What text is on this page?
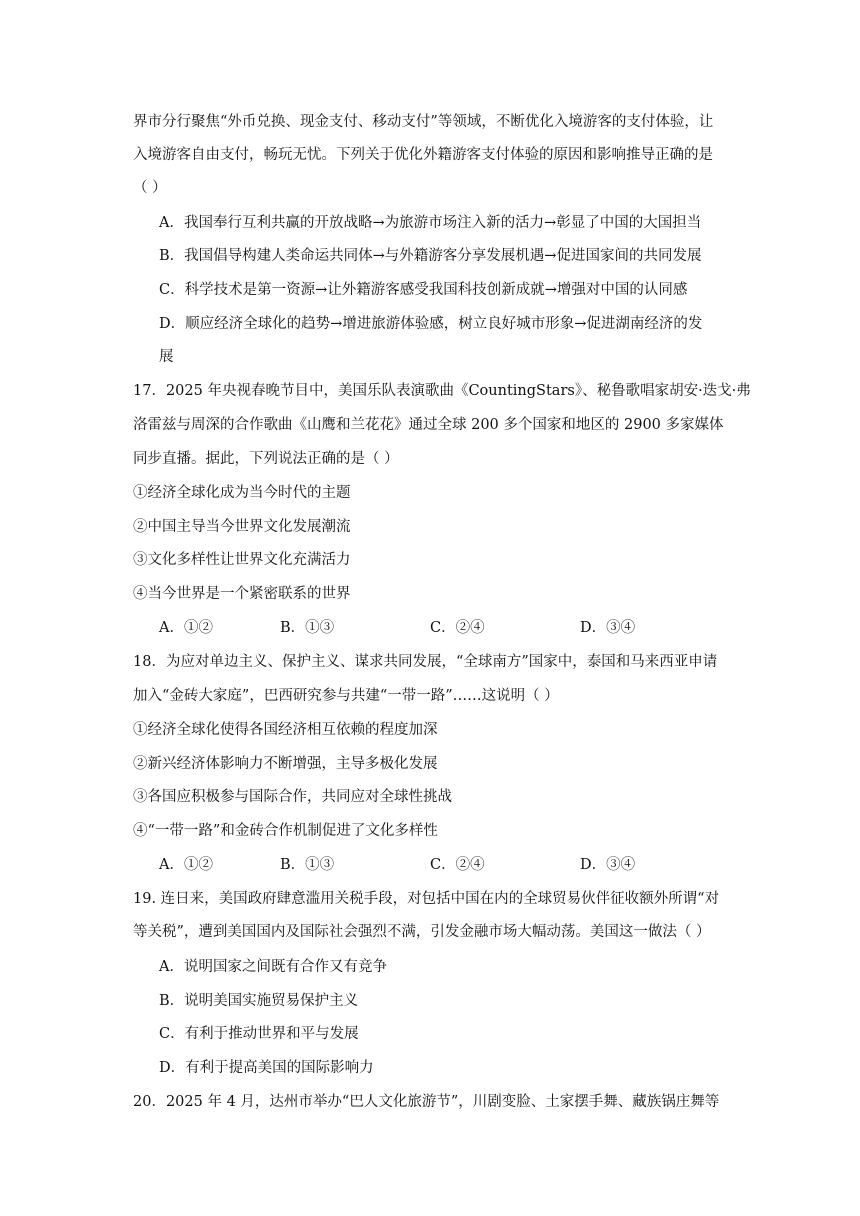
界市分行聚焦“外币兑换、现金支付、移动支付”等领域，不断优化入境游客的支付体验，让
入境游客自由支付，畅玩无忧。下列关于优化外籍游客支付体验的原因和影响推导正确的是
（ ）
A．我国奉行互利共赢的开放战略→为旅游市场注入新的活力→彰显了中国的大国担当
B．我国倡导构建人类命运共同体→与外籍游客分享发展机遇→促进国家间的共同发展
C．科学技术是第一资源→让外籍游客感受我国科技创新成就→增强对中国的认同感
D．顺应经济全球化的趋势→增进旅游体验感，树立良好城市形象→促进湖南经济的发
展
17．2025 年央视春晚节目中，美国乐队表演歌曲《CountingStars》、秘鲁歌唱家胡安·迭戈·弗
洛雷兹与周深的合作歌曲《山鹰和兰花花》通过全球 200 多个国家和地区的 2900 多家媒体
同步直播。据此，下列说法正确的是（ ）
①经济全球化成为当今时代的主题
②中国主导当今世界文化发展潮流
③文化多样性让世界文化充满活力
④当今世界是一个紧密联系的世界
A．①②	B．①③	C．②④	D．③④
18．为应对单边主义、保护主义、谋求共同发展，“全球南方”国家中，泰国和马来西亚申请
加入“金砖大家庭”，巴西研究参与共建“一带一路”……这说明（ ）
①经济全球化使得各国经济相互依赖的程度加深
②新兴经济体影响力不断增强，主导多极化发展
③各国应积极参与国际合作，共同应对全球性挑战
④“一带一路”和金砖合作机制促进了文化多样性
A．①②	B．①③	C．②④	D．③④
19. 连日来，美国政府肆意滥用关税手段，对包括中国在内的全球贸易伙伴征收额外所谓“对
等关税”，遭到美国国内及国际社会强烈不满，引发金融市场大幅动荡。美国这一做法（ ）
A．说明国家之间既有合作又有竞争
B．说明美国实施贸易保护主义
C．有利于推动世界和平与发展
D．有利于提高美国的国际影响力
20．2025 年 4 月，达州市举办“巴人文化旅游节”，川剧变脸、土家摆手舞、藏族锅庄舞等
